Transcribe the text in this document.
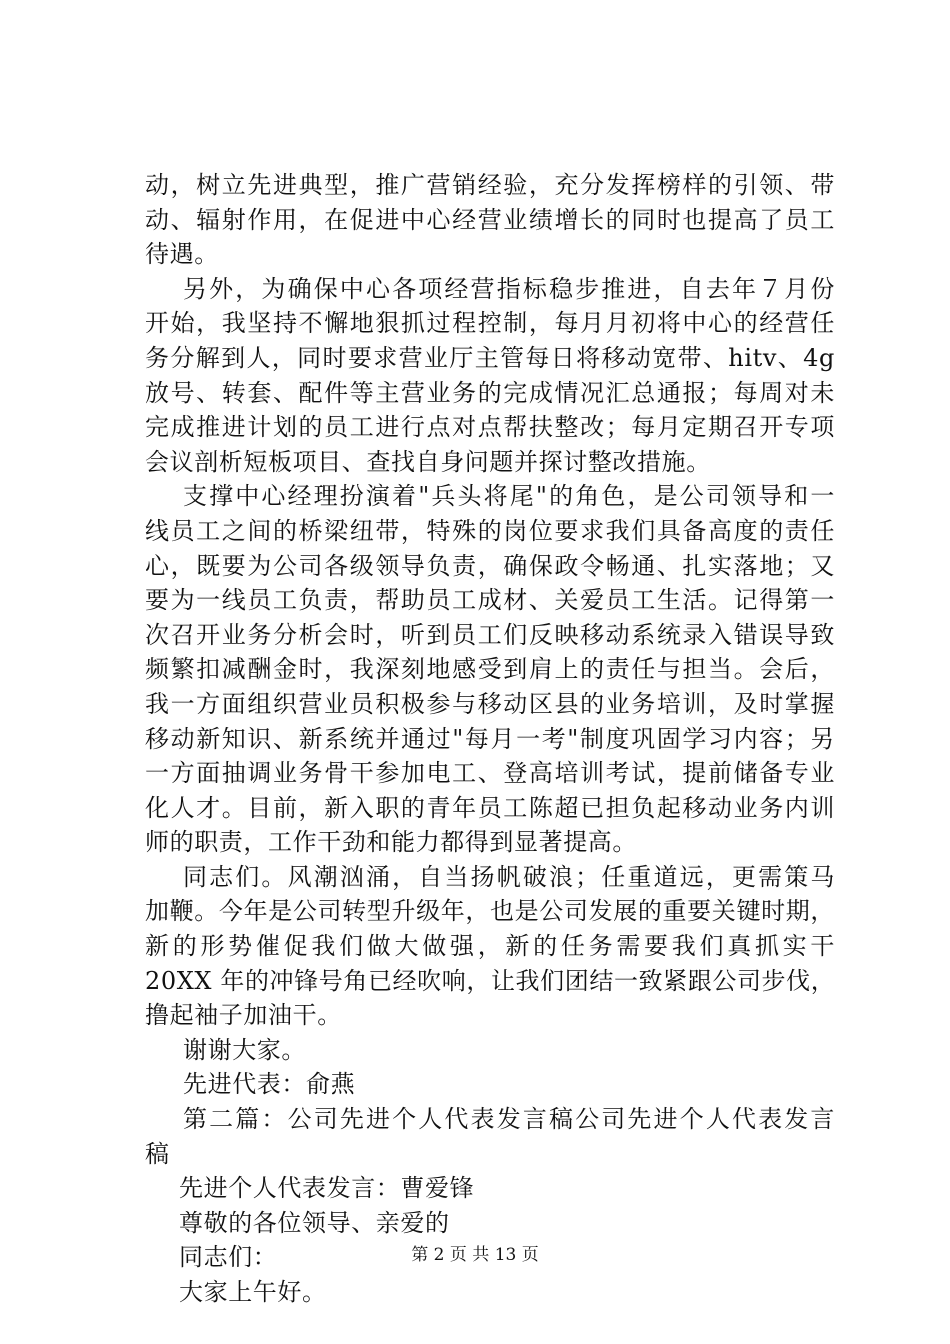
动，树立先进典型，推广营销经验，充分发挥榜样的引领、带
动、辐射作用，在促进中心经营业绩增长的同时也提高了员工
待遇。
另外，为确保中心各项经营指标稳步推进，自去年７月份
开始，我坚持不懈地狠抓过程控制，每月月初将中心的经营任
务分解到人，同时要求营业厅主管每日将移动宽带、hitv、4g
放号、转套、配件等主营业务的完成情况汇总通报；每周对未
完成推进计划的员工进行点对点帮扶整改；每月定期召开专项
会议剖析短板项目、查找自身问题并探讨整改措施。
支撑中心经理扮演着"兵头将尾"的角色，是公司领导和一
线员工之间的桥梁纽带，特殊的岗位要求我们具备高度的责任
心，既要为公司各级领导负责，确保政令畅通、扎实落地；又
要为一线员工负责，帮助员工成材、关爱员工生活。记得第一
次召开业务分析会时，听到员工们反映移动系统录入错误导致
频繁扣减酬金时，我深刻地感受到肩上的责任与担当。会后，
我一方面组织营业员积极参与移动区县的业务培训，及时掌握
移动新知识、新系统并通过"每月一考"制度巩固学习内容；另
一方面抽调业务骨干参加电工、登高培训考试，提前储备专业
化人才。目前，新入职的青年员工陈超已担负起移动业务内训
师的职责，工作干劲和能力都得到显著提高。
同志们。风潮汹涌，自当扬帆破浪；任重道远，更需策马
加鞭。今年是公司转型升级年，也是公司发展的重要关键时期，
新的形势催促我们做大做强，新的任务需要我们真抓实干
20XX 年的冲锋号角已经吹响，让我们团结一致紧跟公司步伐，
撸起袖子加油干。
谢谢大家。
先进代表：俞燕
第二篇：公司先进个人代表发言稿公司先进个人代表发言
稿
先进个人代表发言：曹爱锋
尊敬的各位领导、亲爱的
同志们：
大家上午好。
第 2 页 共 13 页
